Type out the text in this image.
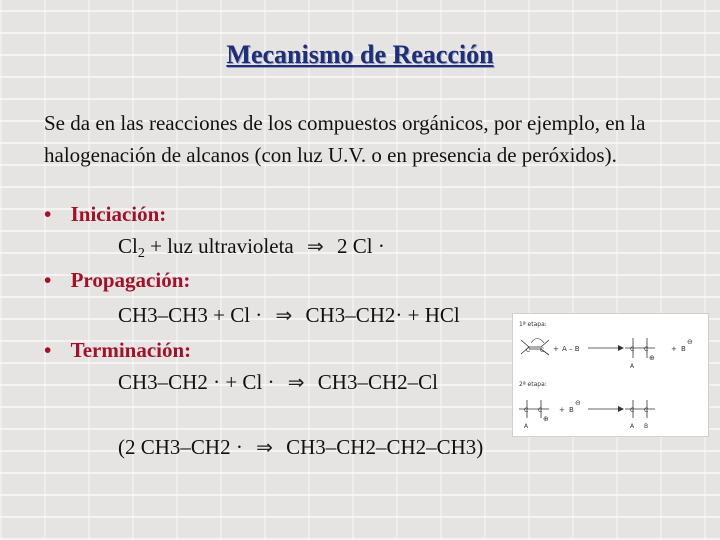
Mecanismo de Reacción
Se da en las reacciones de los compuestos orgánicos, por ejemplo, en la halogenación de alcanos (con luz U.V. o en presencia de peróxidos).
• Iniciación:
$Cl_2$ + luz ultravioleta ⇒ 2 Cl ·
• Propagación:
CH3–CH3 + Cl · ⇒ CH3–CH2· + HCl
• Terminación:
CH3–CH2 · + Cl · ⇒ CH3–CH2–Cl
(2 CH3–CH2 · ⇒ CH3–CH2–CH2–CH3)
1ª etapa:
C C + A – B	C C
A
⊕
+ B
⊖
2ª etapa:
C C
A
⊕
+ B
⊖
C C
A B
